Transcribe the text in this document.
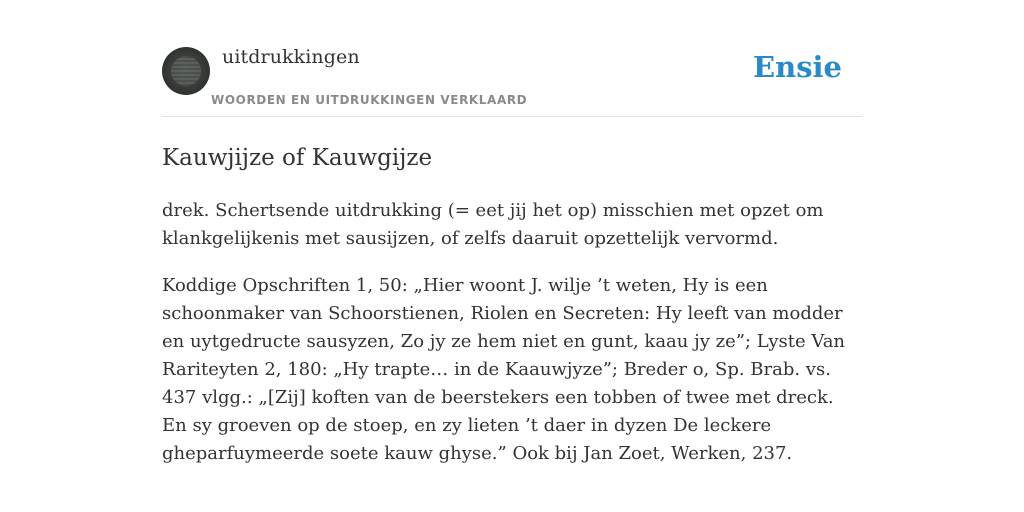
uitdrukkingen
WOORDEN EN UITDRUKKINGEN VERKLAARD
Ensie
Kauwjijze of Kauwgijze

drek. Schertsende uitdrukking (= eet jij het op) misschien met opzet om klankgelijkenis met sausijzen, of zelfs daaruit opzettelijk vervormd.

Koddige Opschriften 1, 50: „Hier woont J. wilje ’t weten, Hy is een schoonmaker van Schoorstienen, Riolen en Secreten: Hy leeft van modder en uytgedructe sausyzen, Zo jy ze hem niet en gunt, kaau jy ze”; Lyste Van Rariteyten 2, 180: „Hy trapte… in de Kaauwjyze”; Breder o, Sp. Brab. vs. 437 vlgg.: „[Zij] koften van de beerstekers een tobben of twee met dreck. En sy groeven op de stoep, en zy lieten ’t daer in dyzen De leckere gheparfuymeerde soete kauw ghyse.” Ook bij Jan Zoet, Werken, 237.
